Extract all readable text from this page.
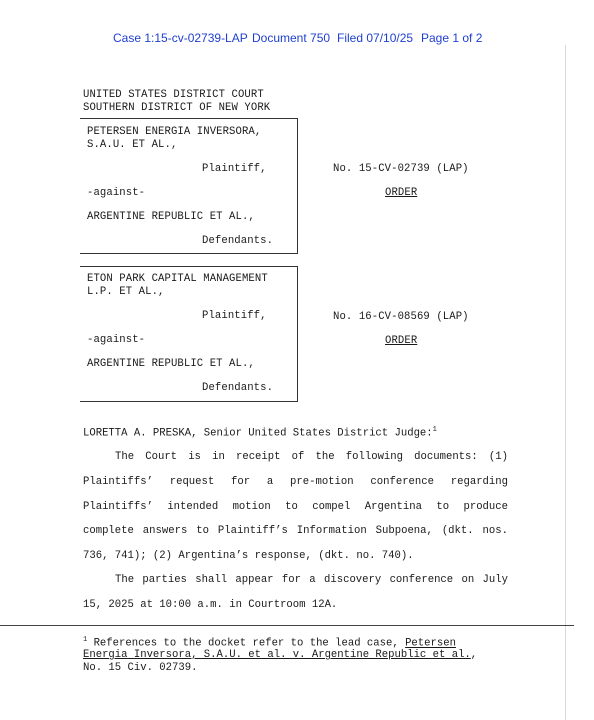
Case 1:15-cv-02739-LAP Document 750 Filed 07/10/25 Page 1 of 2
UNITED STATES DISTRICT COURT
SOUTHERN DISTRICT OF NEW YORK
PETERSEN ENERGIA INVERSORA,
S.A.U. ET AL.,
Plaintiff,
-against-
ARGENTINE REPUBLIC ET AL.,
Defendants.
No. 15-CV-02739 (LAP)
ORDER
ETON PARK CAPITAL MANAGEMENT
L.P. ET AL.,
Plaintiff,
-against-
ARGENTINE REPUBLIC ET AL.,
Defendants.
No. 16-CV-08569 (LAP)
ORDER
LORETTA A. PRESKA, Senior United States District Judge:$^1$
The Court is in receipt of the following documents: (1)
Plaintiffs’ request for a pre-motion conference regarding
Plaintiffs’ intended motion to compel Argentina to produce
complete answers to Plaintiff’s Information Subpoena, (dkt. nos.
736, 741); (2) Argentina’s response, (dkt. no. 740).
The parties shall appear for a discovery conference on July
15, 2025 at 10:00 a.m. in Courtroom 12A.
$^1$ References to the docket refer to the lead case, Petersen
Energia Inversora, S.A.U. et al. v. Argentine Republic et al.,
No. 15 Civ. 02739.
